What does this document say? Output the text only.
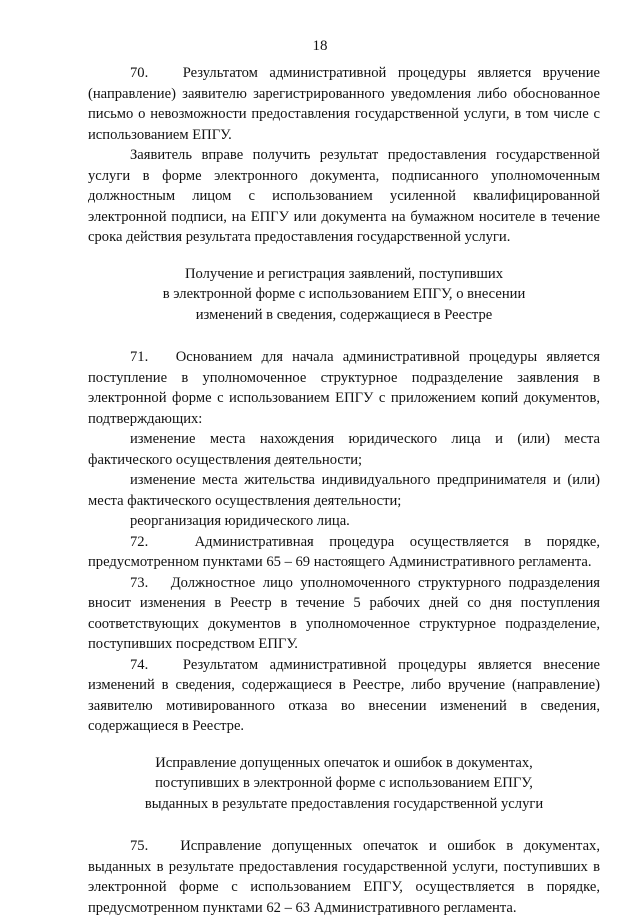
18

70.   Результатом административной процедуры является вручение (направление) заявителю зарегистрированного уведомления либо обоснованное письмо о невозможности предоставления государственной услуги, в том числе с использованием ЕПГУ.

Заявитель вправе получить результат предоставления государственной услуги в форме электронного документа, подписанного уполномоченным должностным лицом с использованием усиленной квалифицированной электронной подписи, на ЕПГУ или документа на бумажном носителе в течение срока действия результата предоставления государственной услуги.

Получение и регистрация заявлений, поступивших
в электронной форме с использованием ЕПГУ, о внесении
изменений в сведения, содержащиеся в Реестре

71.   Основанием для начала административной процедуры является поступление в уполномоченное структурное подразделение заявления в электронной форме с использованием ЕПГУ с приложением копий документов, подтверждающих:

изменение места нахождения юридического лица и (или) места фактического осуществления деятельности;

изменение места жительства индивидуального предпринимателя и (или) места фактического осуществления деятельности;

реорганизация юридического лица.

72.   Административная процедура осуществляется в порядке, предусмотренном пунктами 65 – 69 настоящего Административного регламента.

73.   Должностное лицо уполномоченного структурного подразделения вносит изменения в Реестр в течение 5 рабочих дней со дня поступления соответствующих документов в уполномоченное структурное подразделение, поступивших посредством ЕПГУ.

74.   Результатом административной процедуры является внесение изменений в сведения, содержащиеся в Реестре, либо вручение (направление) заявителю мотивированного отказа во внесении изменений в сведения, содержащиеся в Реестре.

Исправление допущенных опечаток и ошибок в документах,
поступивших в электронной форме с использованием ЕПГУ,
выданных в результате предоставления государственной услуги

75.   Исправление допущенных опечаток и ошибок в документах, выданных в результате предоставления государственной услуги, поступивших в электронной форме с использованием ЕПГУ, осуществляется в порядке, предусмотренном пунктами 62 – 63 Административного регламента.
